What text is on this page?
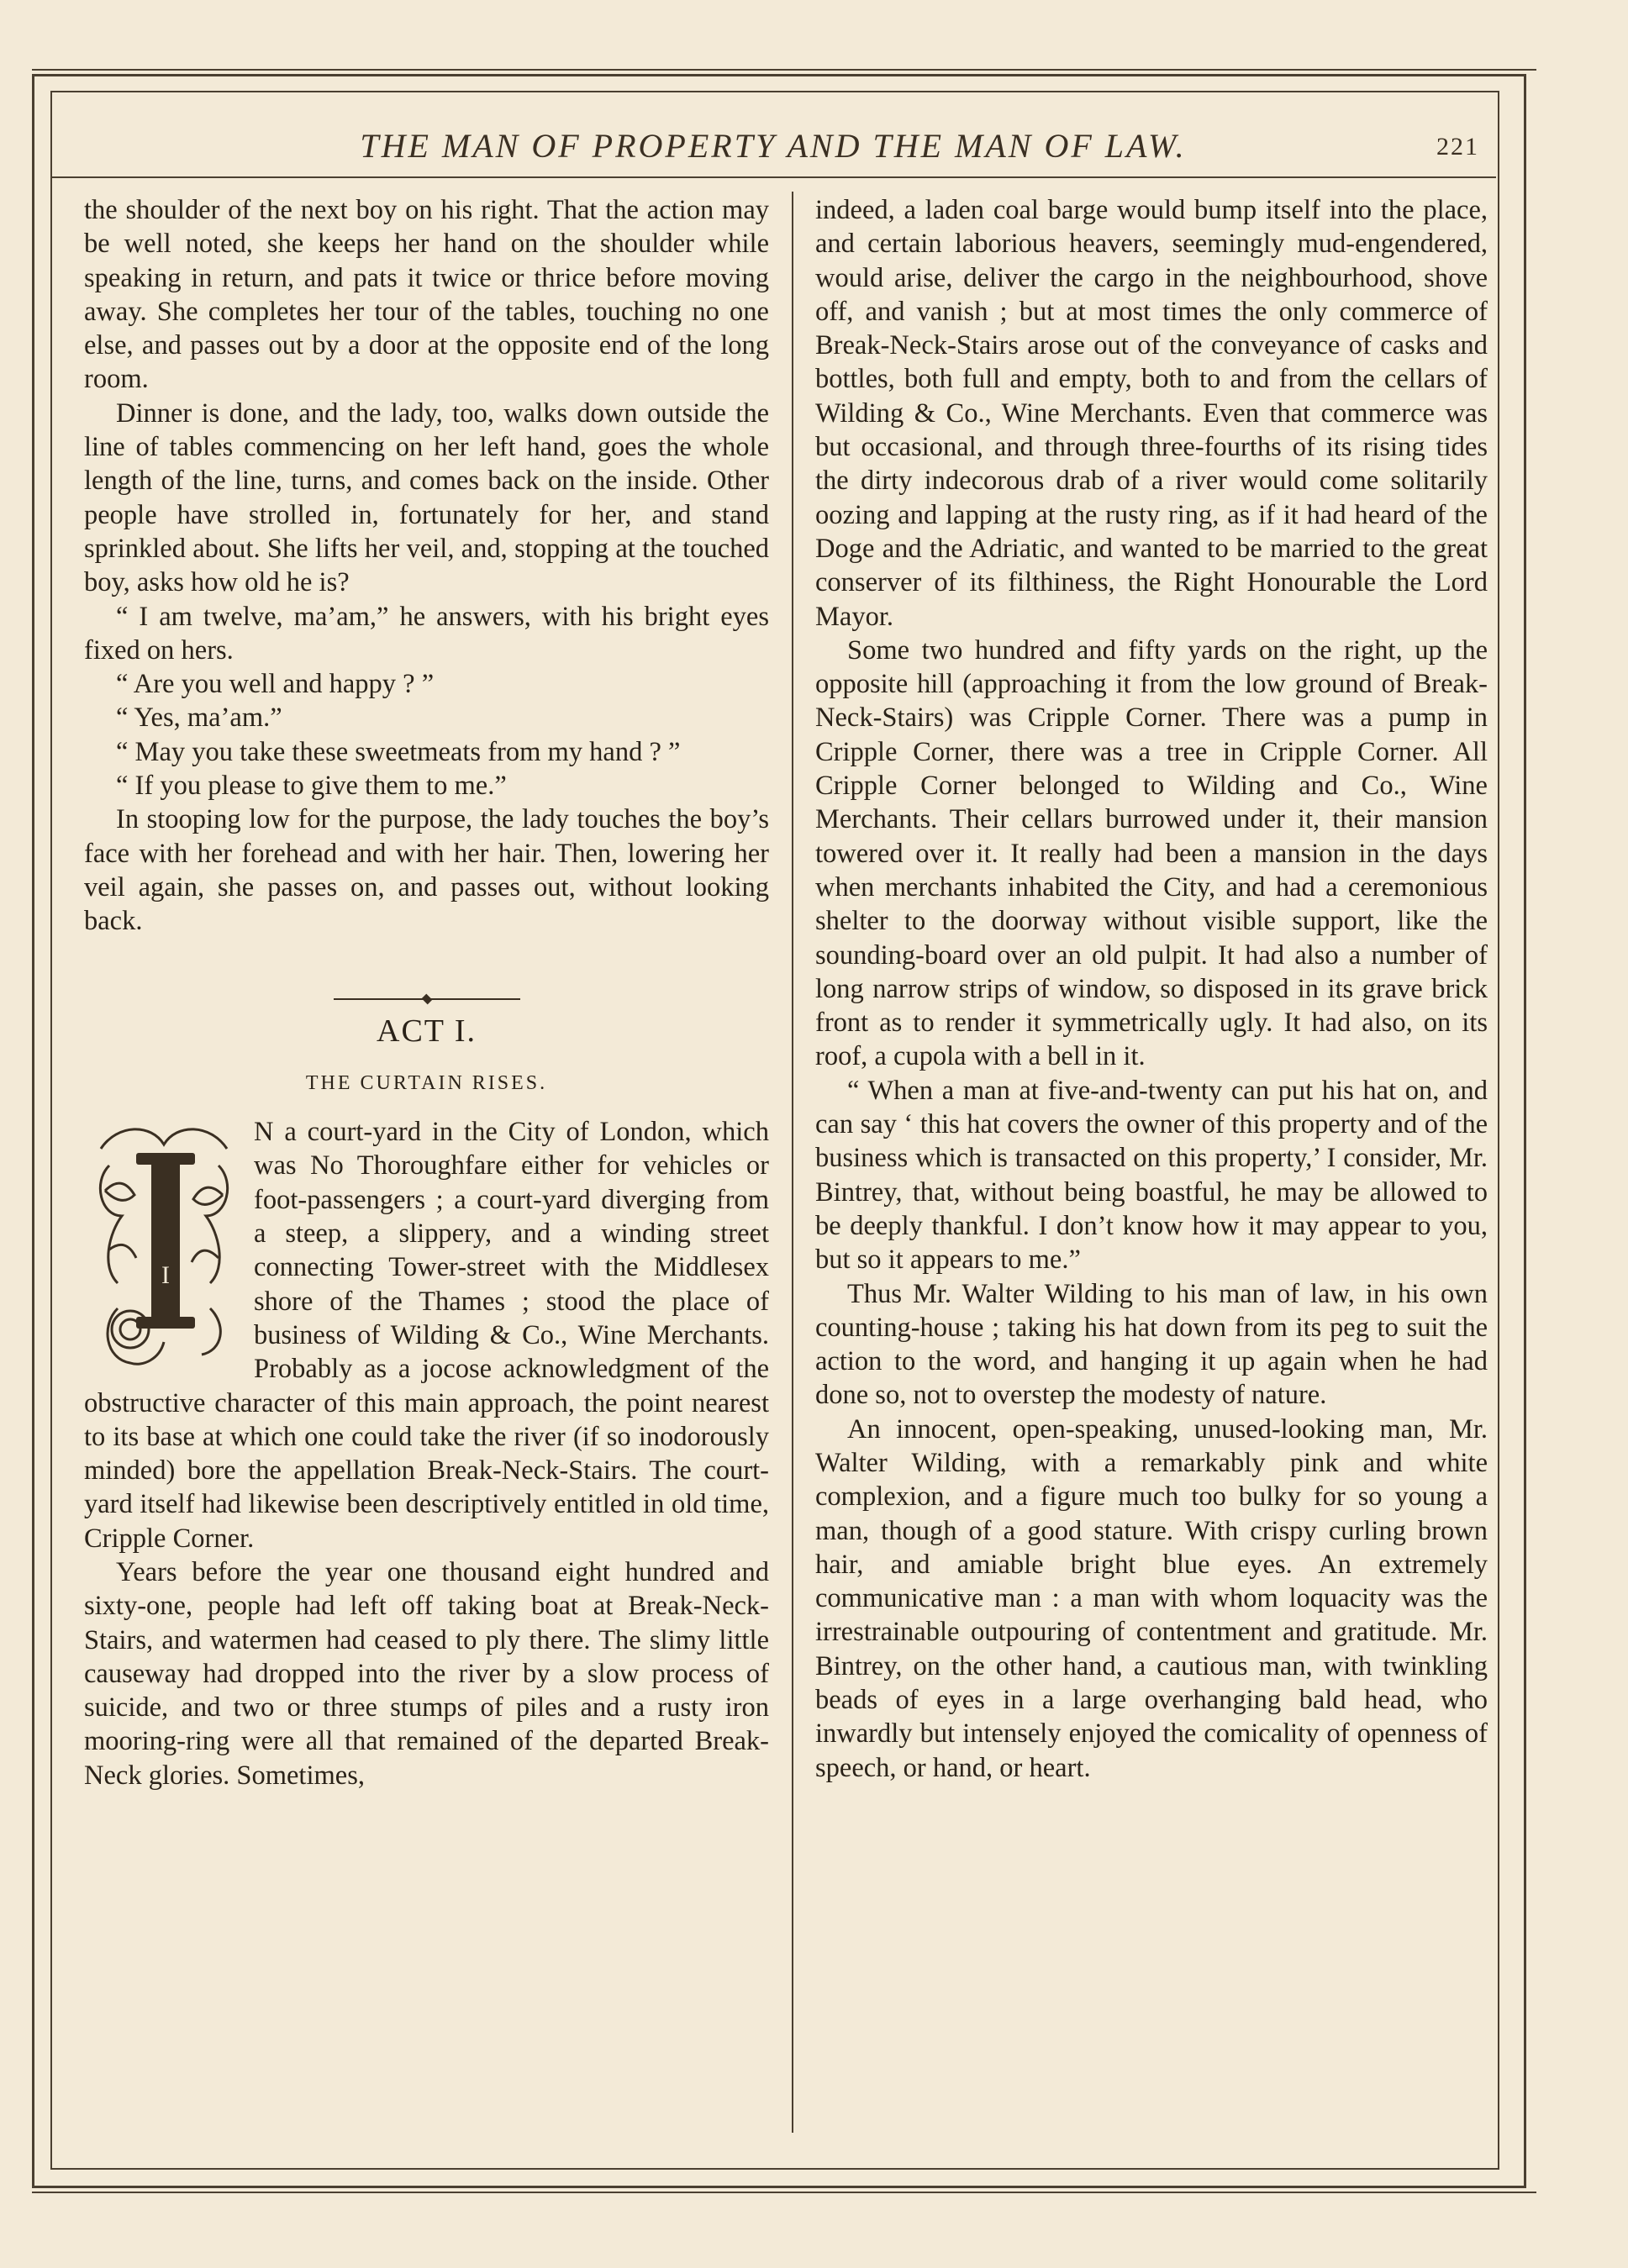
THE MAN OF PROPERTY AND THE MAN OF LAW.	221

the shoulder of the next boy on his right. That the action may be well noted, she keeps her hand on the shoulder while speaking in return, and pats it twice or thrice before moving away. She completes her tour of the tables, touching no one else, and passes out by a door at the opposite end of the long room.

Dinner is done, and the lady, too, walks down outside the line of tables commencing on her left hand, goes the whole length of the line, turns, and comes back on the inside. Other people have strolled in, fortunately for her, and stand sprinkled about. She lifts her veil, and, stopping at the touched boy, asks how old he is?

“ I am twelve, ma’am,” he answers, with his bright eyes fixed on hers.

“ Are you well and happy ? ”

“ Yes, ma’am.”

“ May you take these sweetmeats from my hand ? ”

“ If you please to give them to me.”

In stooping low for the purpose, the lady touches the boy’s face with her forehead and with her hair. Then, lowering her veil again, she passes on, and passes out, without looking back.

ACT I.
THE CURTAIN RISES.
I

N a court-yard in the City of London, which was No Thoroughfare either for vehicles or foot-passengers ; a court-yard diverging from a steep, a slippery, and a winding street connecting Tower-street with the Middlesex shore of the Thames ; stood the place of business of Wilding & Co., Wine Merchants. Probably as a jocose acknowledgment of the obstructive character of this main approach, the point nearest to its base at which one could take the river (if so inodorously minded) bore the appellation Break-Neck-Stairs. The court-yard itself had likewise been descriptively entitled in old time, Cripple Corner.

Years before the year one thousand eight hundred and sixty-one, people had left off taking boat at Break-Neck-Stairs, and watermen had ceased to ply there. The slimy little causeway had dropped into the river by a slow process of suicide, and two or three stumps of piles and a rusty iron mooring-ring were all that remained of the departed Break-Neck glories. Sometimes,

indeed, a laden coal barge would bump itself into the place, and certain laborious heavers, seemingly mud-engendered, would arise, deliver the cargo in the neighbourhood, shove off, and vanish ; but at most times the only commerce of Break-Neck-Stairs arose out of the conveyance of casks and bottles, both full and empty, both to and from the cellars of Wilding & Co., Wine Merchants. Even that commerce was but occasional, and through three-fourths of its rising tides the dirty indecorous drab of a river would come solitarily oozing and lapping at the rusty ring, as if it had heard of the Doge and the Adriatic, and wanted to be married to the great conserver of its filthiness, the Right Honourable the Lord Mayor.

Some two hundred and fifty yards on the right, up the opposite hill (approaching it from the low ground of Break-Neck-Stairs) was Cripple Corner. There was a pump in Cripple Corner, there was a tree in Cripple Corner. All Cripple Corner belonged to Wilding and Co., Wine Merchants. Their cellars burrowed under it, their mansion towered over it. It really had been a mansion in the days when merchants inhabited the City, and had a ceremonious shelter to the doorway without visible support, like the sounding-board over an old pulpit. It had also a number of long narrow strips of window, so disposed in its grave brick front as to render it symmetrically ugly. It had also, on its roof, a cupola with a bell in it.

“ When a man at five-and-twenty can put his hat on, and can say ‘ this hat covers the owner of this property and of the business which is transacted on this property,’ I consider, Mr. Bintrey, that, without being boastful, he may be allowed to be deeply thankful. I don’t know how it may appear to you, but so it appears to me.”

Thus Mr. Walter Wilding to his man of law, in his own counting-house ; taking his hat down from its peg to suit the action to the word, and hanging it up again when he had done so, not to overstep the modesty of nature.

An innocent, open-speaking, unused-looking man, Mr. Walter Wilding, with a remarkably pink and white complexion, and a figure much too bulky for so young a man, though of a good stature. With crispy curling brown hair, and amiable bright blue eyes. An extremely communicative man : a man with whom loquacity was the irrestrainable outpouring of contentment and gratitude. Mr. Bintrey, on the other hand, a cautious man, with twinkling beads of eyes in a large overhanging bald head, who inwardly but intensely enjoyed the comicality of openness of speech, or hand, or heart.
